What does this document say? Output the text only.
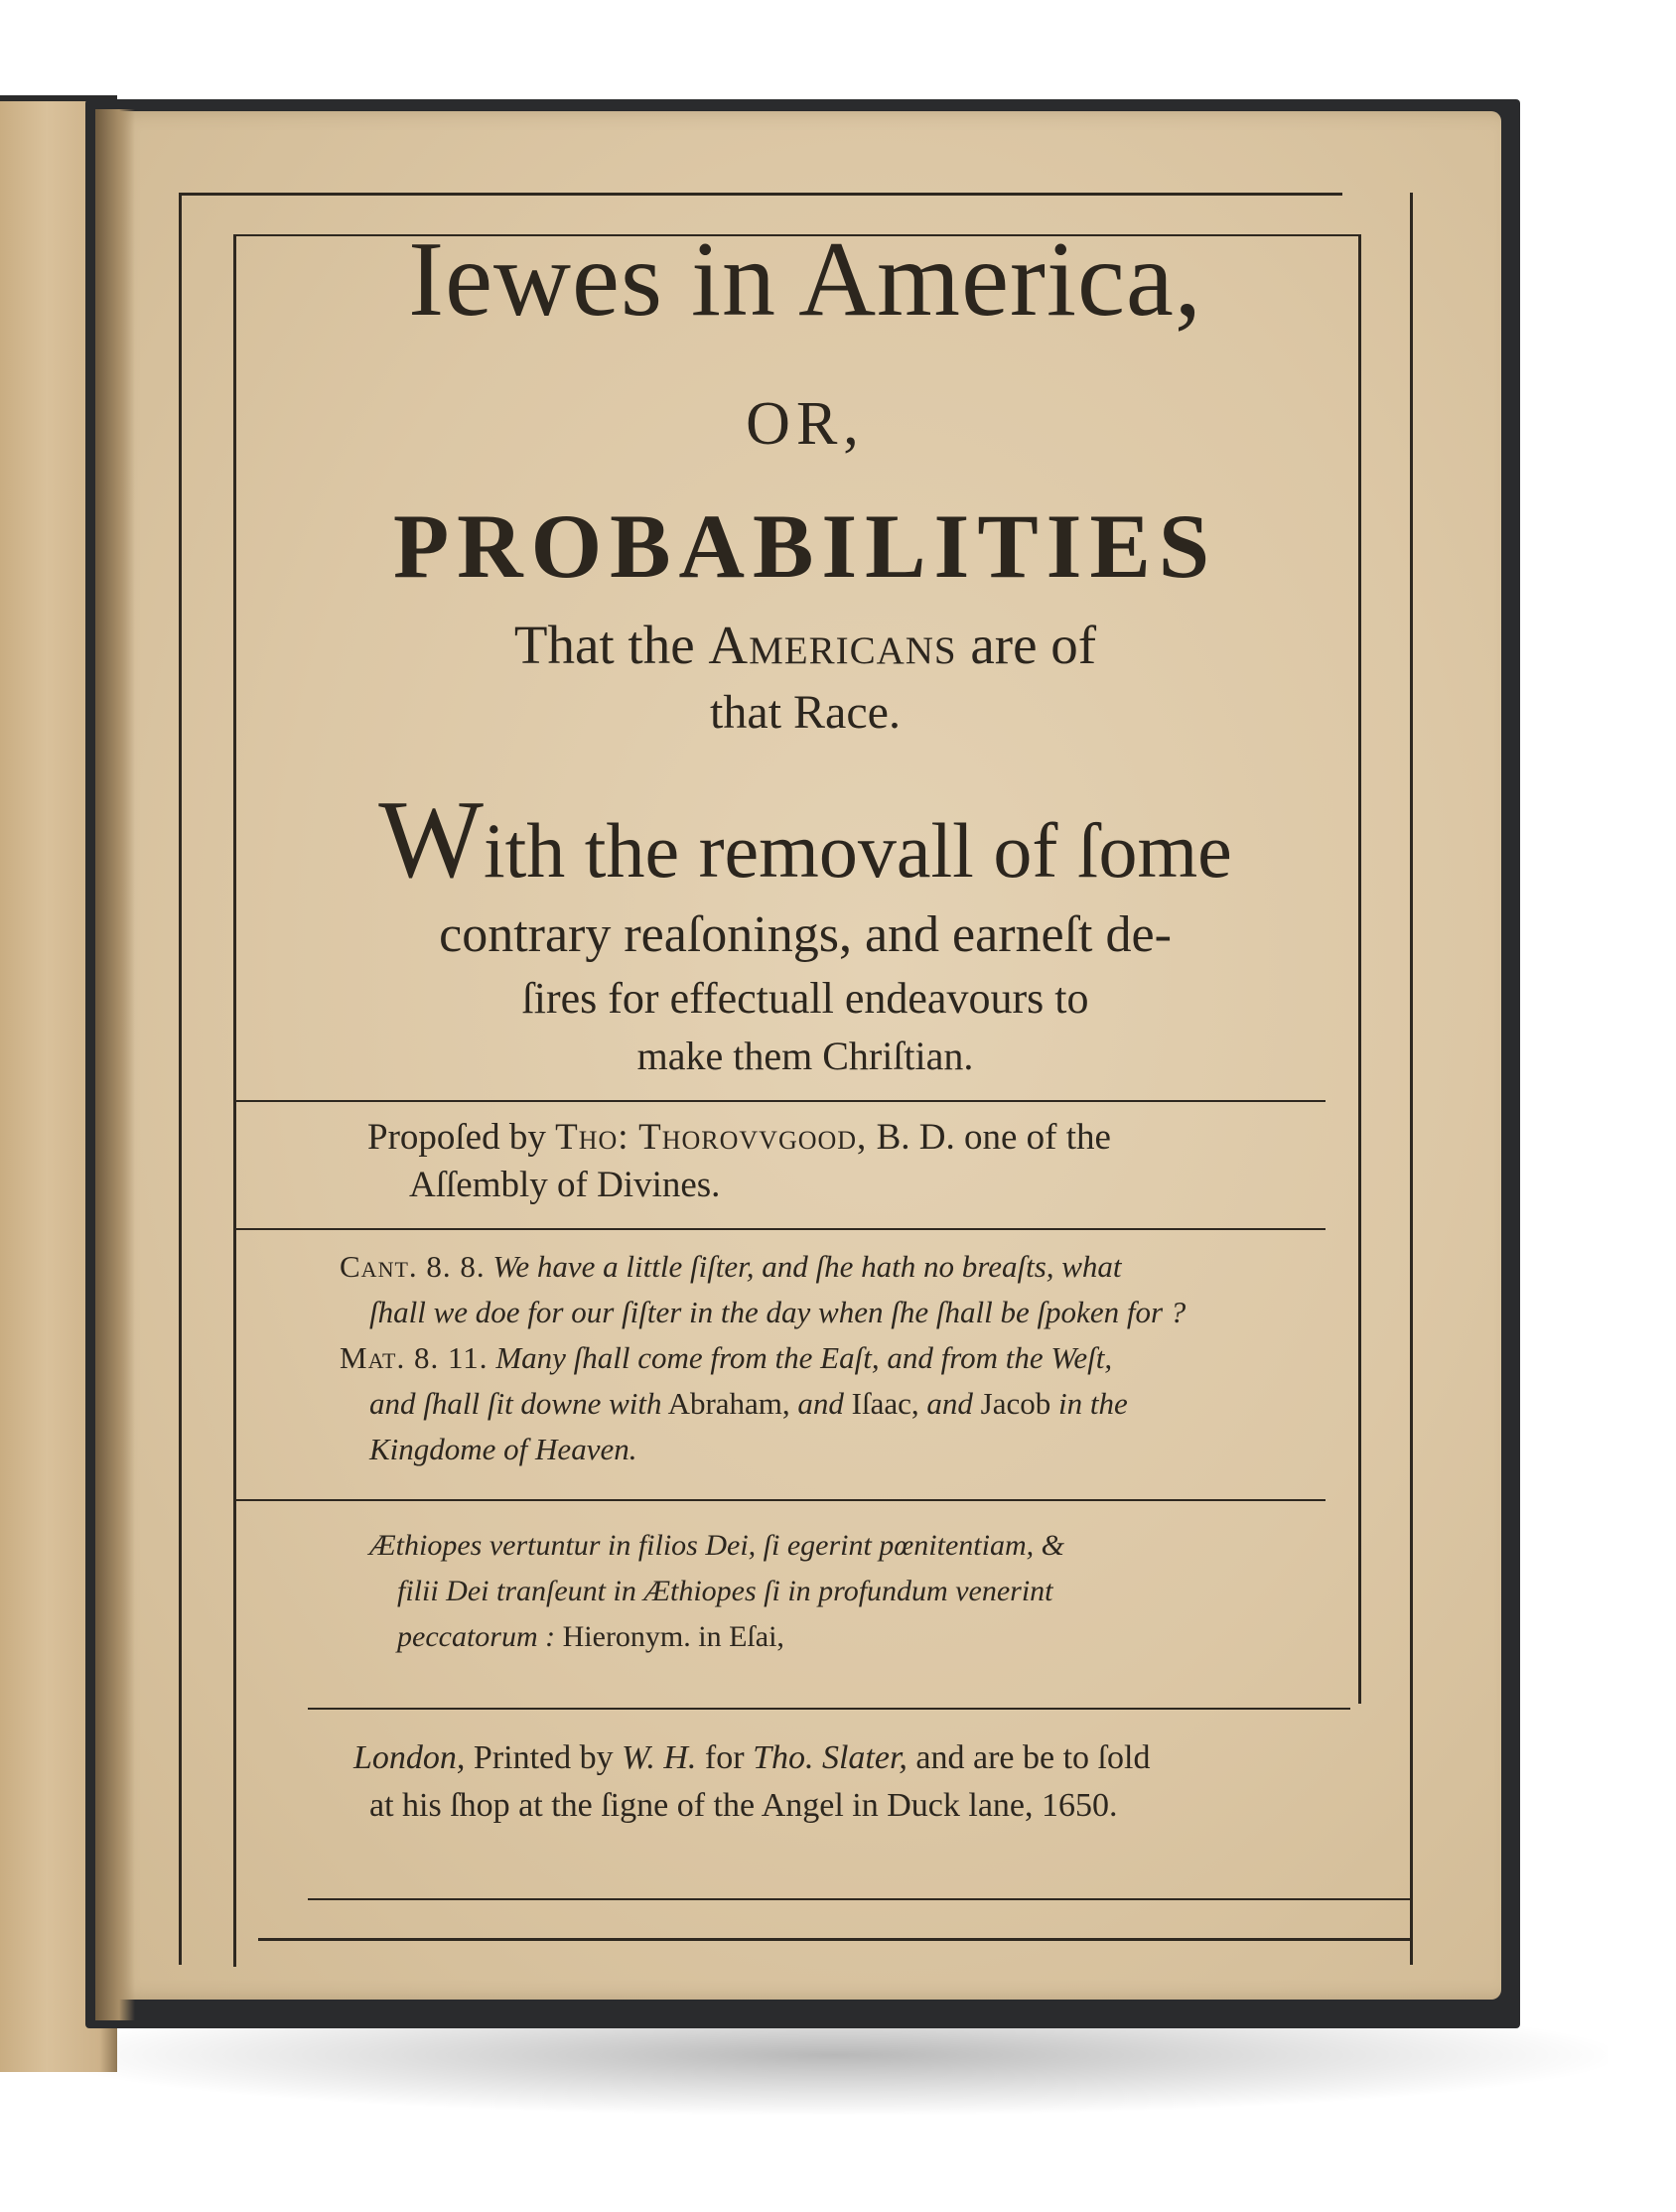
Iewes in America,

OR,

PROBABILITIES

That the Americans are of

that Race.

With the removall of ſome

contrary reaſonings, and earneſt de-

ſires for effectuall endeavours to

make them Chriſtian.

Propoſed by Tho: Thorovvgood, B. D. one of the

Aſſembly of Divines.

Cant. 8. 8. We have a little ſiſter, and ſhe hath no breaſts, what

ſhall we doe for our ſiſter in the day when ſhe ſhall be ſpoken for ?

Mat. 8. 11. Many ſhall come from the Eaſt, and from the Weſt,

and ſhall ſit downe with Abraham, and Iſaac, and Jacob in the

Kingdome of Heaven.

Æthiopes vertuntur in filios Dei, ſi egerint pœnitentiam, &

filii Dei tranſeunt in Æthiopes ſi in profundum venerint

peccatorum : Hieronym. in Eſai,

London, Printed by W. H. for Tho. Slater, and are be to ſold

at his ſhop at the ſigne of the Angel in Duck lane, 1650.
